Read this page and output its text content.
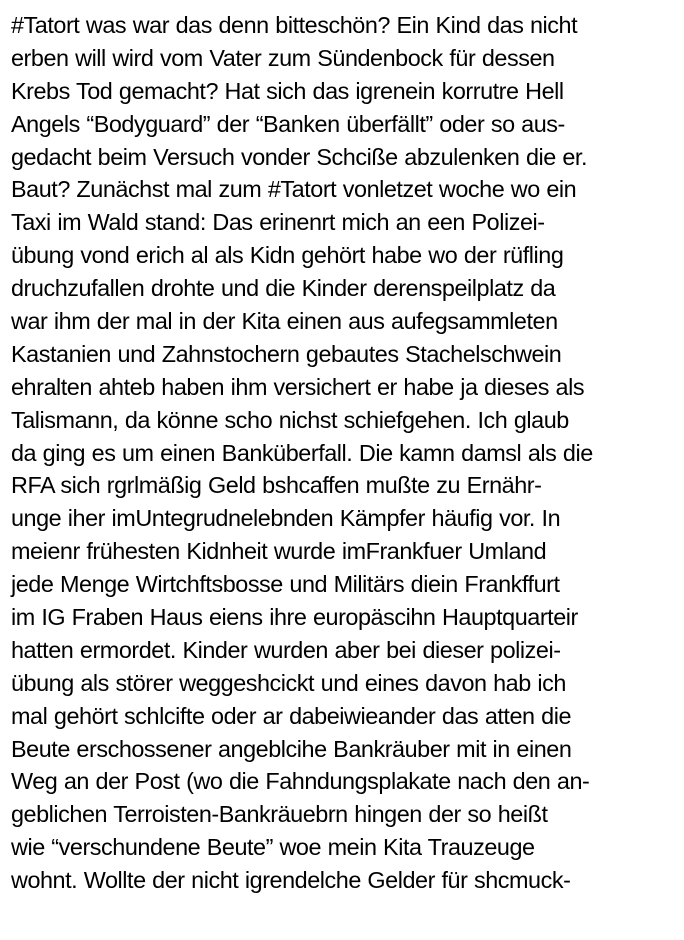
#Tatort was war das denn bitteschön? Ein Kind das nicht
erben will wird vom Vater zum Sündenbock für dessen
Krebs Tod gemacht? Hat sich das igrenein korrutre Hell
Angels “Bodyguard” der “Banken überfällt” oder so aus-
gedacht beim Versuch vonder Schciße abzulenken die er.
Baut? Zunächst mal zum #Tatort vonletzet woche wo ein
Taxi im Wald stand: Das erinenrt mich an een Polizei-
übung vond erich al als Kidn gehört habe wo der rüfling
druchzufallen drohte und die Kinder derenspeilplatz da
war ihm der mal in der Kita einen aus aufegsammleten
Kastanien und Zahnstochern gebautes Stachelschwein
ehralten ahteb haben ihm versichert er habe ja dieses als
Talismann, da könne scho nichst schiefgehen. Ich glaub
da ging es um einen Banküberfall. Die kamn damsl als die
RFA sich rgrlmäßig Geld bshcaffen mußte zu Ernähr-
unge iher imUntegrudnelebnden Kämpfer häufig vor. In
meienr frühesten Kidnheit wurde imFrankfuer Umland
jede Menge Wirtchftsbosse und Militärs diein Frankffurt
im IG Fraben Haus eiens ihre europäscihn Hauptquarteir
hatten ermordet. Kinder wurden aber bei dieser polizei-
übung als störer weggeshcickt und eines davon hab ich
mal gehört schlcifte oder ar dabeiwieander das atten die
Beute erschossener angeblcihe Bankräuber mit in einen
Weg an der Post (wo die Fahndungsplakate nach den an-
geblichen Terroisten-Bankräuebrn hingen der so heißt
wie “verschundene Beute” woe mein Kita Trauzeuge
wohnt. Wollte der nicht igrendelche Gelder für shcmuck-
